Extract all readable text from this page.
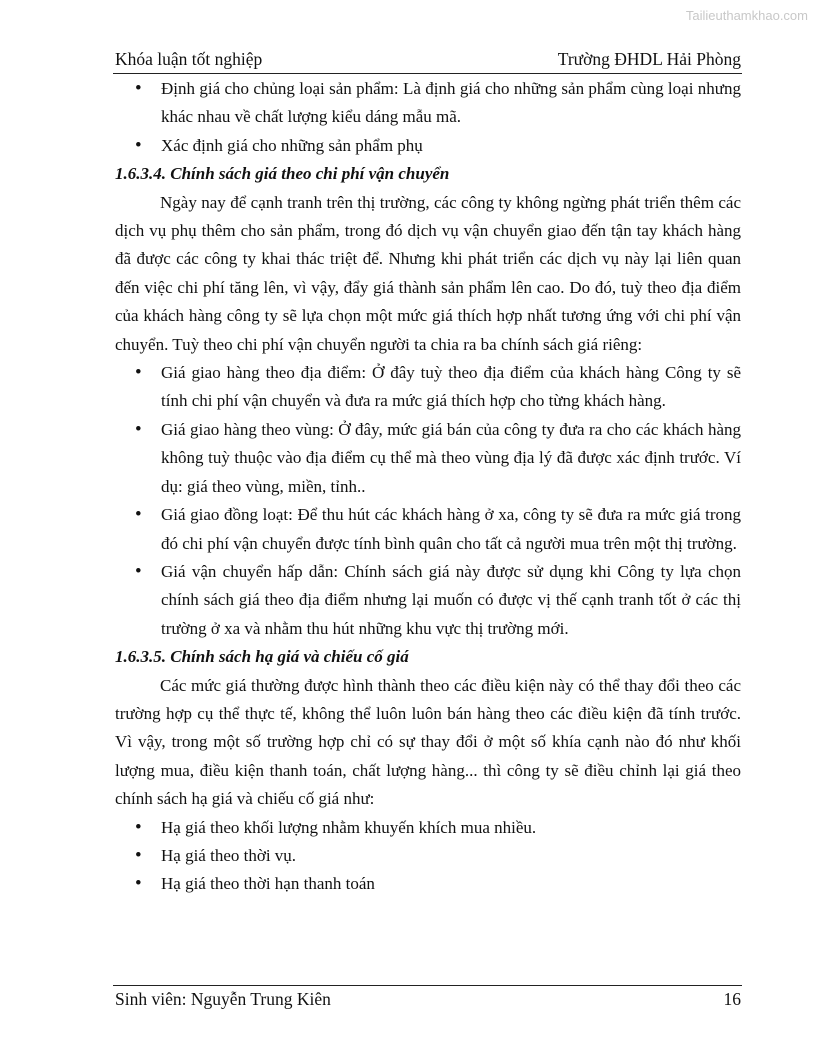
Tailieuthamkhao.com
Khóa luận tốt nghiệp	Trường ĐHDL Hải Phòng
• Định giá cho chủng loại sản phẩm: Là định giá cho những sản phẩm cùng loại nhưng khác nhau về chất lượng kiểu dáng mẫu mã.
• Xác định giá cho những sản phẩm phụ

1.6.3.4. Chính sách giá theo chi phí vận chuyển

Ngày nay để cạnh tranh trên thị trường, các công ty không ngừng phát triển thêm các dịch vụ phụ thêm cho sản phẩm, trong đó dịch vụ vận chuyển giao đến tận tay khách hàng đã được các công ty khai thác triệt để. Nhưng khi phát triển các dịch vụ này lại liên quan đến việc chi phí tăng lên, vì vậy, đẩy giá thành sản phẩm lên cao. Do đó, tuỳ theo địa điểm của khách hàng công ty sẽ lựa chọn một mức giá thích hợp nhất tương ứng với chi phí vận chuyển. Tuỳ theo chi phí vận chuyển người ta chia ra ba chính sách giá riêng:

• Giá giao hàng theo địa điểm: Ở đây tuỳ theo địa điểm của khách hàng Công ty sẽ tính chi phí vận chuyển và đưa ra mức giá thích hợp cho từng khách hàng.
• Giá giao hàng theo vùng: Ở đây, mức giá bán của công ty đưa ra cho các khách hàng không tuỳ thuộc vào địa điểm cụ thể mà theo vùng địa lý đã được xác định trước. Ví dụ: giá theo vùng, miền, tỉnh..
• Giá giao đồng loạt: Để thu hút các khách hàng ở xa, công ty sẽ đưa ra mức giá trong đó chi phí vận chuyển được tính bình quân cho tất cả người mua trên một thị trường.
• Giá vận chuyển hấp dẫn: Chính sách giá này được sử dụng khi Công ty lựa chọn chính sách giá theo địa điểm nhưng lại muốn có được vị thế cạnh tranh tốt ở các thị trường ở xa và nhằm thu hút những khu vực thị trường mới.

1.6.3.5. Chính sách hạ giá và chiếu cố giá

Các mức giá thường được hình thành theo các điều kiện này có thể thay đổi theo các trường hợp cụ thể thực tế, không thể luôn luôn bán hàng theo các điều kiện đã tính trước. Vì vậy, trong một số trường hợp chỉ có sự thay đổi ở một số khía cạnh nào đó như khối lượng mua, điều kiện thanh toán, chất lượng hàng... thì công ty sẽ điều chỉnh lại giá theo chính sách hạ giá và chiếu cố giá như:

• Hạ giá theo khối lượng nhằm khuyến khích mua nhiều.
• Hạ giá theo thời vụ.
• Hạ giá theo thời hạn thanh toán
Sinh viên: Nguyễn Trung Kiên	16
